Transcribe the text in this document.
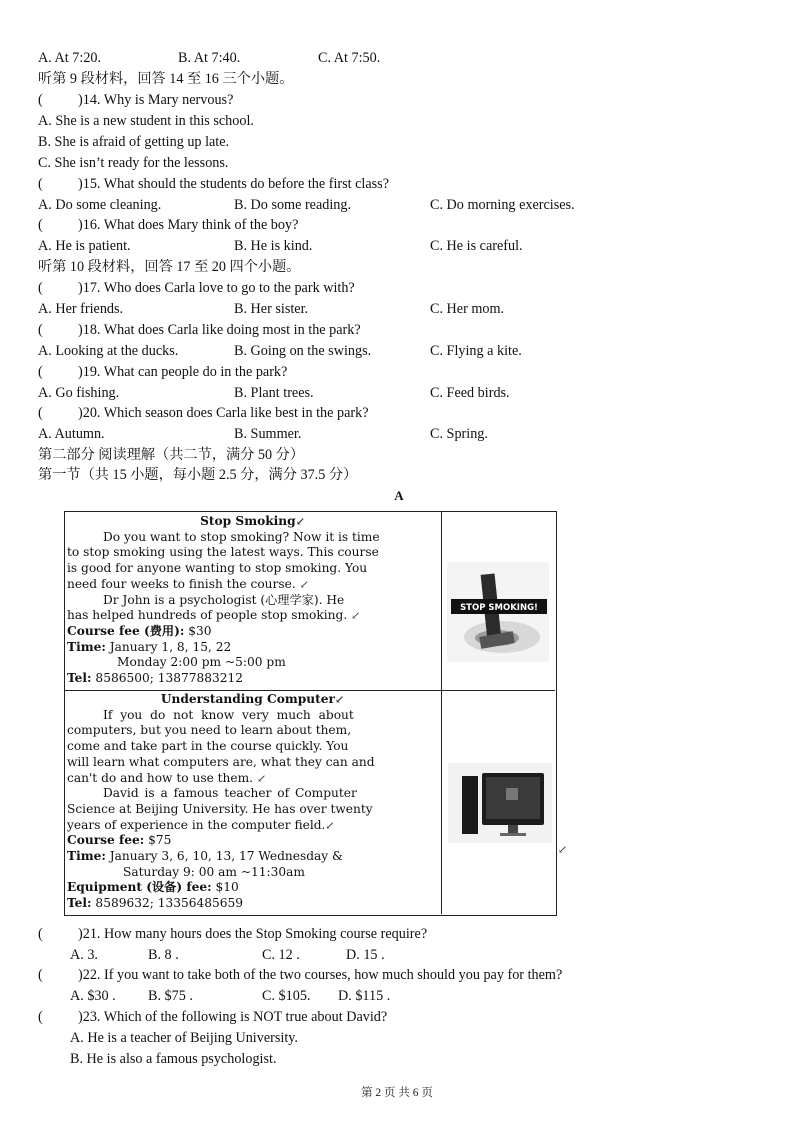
A. At 7:20.	B. At 7:40.	C. At 7:50.
听第 9 段材料，回答 14 至 16 三个小题。
( )14. Why is Mary nervous?
A. She is a new student in this school.
B. She is afraid of getting up late.
C. She isn’t ready for the lessons.
( )15. What should the students do before the first class?
A. Do some cleaning.	B. Do some reading.	C. Do morning exercises.
( )16. What does Mary think of the boy?
A. He is patient.	B. He is kind.	C. He is careful.
听第 10 段材料，回答 17 至 20 四个小题。
( )17. Who does Carla love to go to the park with?
A. Her friends.	B. Her sister.	C. Her mom.
( )18. What does Carla like doing most in the park?
A. Looking at the ducks.	B. Going on the swings.	C. Flying a kite.
( )19. What can people do in the park?
A. Go fishing.	B. Plant trees.	C. Feed birds.
( )20. Which season does Carla like best in the park?
A. Autumn.	B. Summer.	C. Spring.
第二部分 阅读理解（共二节，满分 50 分）
第一节（共 15 小题，每小题 2.5 分，满分 37.5 分）
A
Stop Smoking↙
Do you want to stop smoking? Now it is time
to stop smoking using the latest ways. This course
is good for anyone wanting to stop smoking. You
need four weeks to finish the course. ↙
Dr John is a psychologist (心理学家). He
has helped hundreds of people stop smoking. ↙
Course fee (费用): $30
Time: January 1, 8, 15, 22
Monday 2:00 pm ~5:00 pm
Tel: 8586500; 13877883212
STOP SMOKING!
Understanding Computer↙
If you do not know very much about
computers, but you need to learn about them,
come and take part in the course quickly. You
will learn what computers are, what they can and
can't do and how to use them. ↙
David is a famous teacher of Computer
Science at Beijing University. He has over twenty
years of experience in the computer field.↙
Course fee: $75
Time: January 3, 6, 10, 13, 17 Wednesday &
Saturday 9: 00 am ~11:30am
Equipment (设备) fee: $10
Tel: 8589632; 13356485659
↙
( )21. How many hours does the Stop Smoking course require?
A. 3.	B. 8 .	C. 12 .	D. 15 .
( )22. If you want to take both of the two courses, how much should you pay for them?
A. $30 . B. $75 .	C. $105. D. $115 .
( )23. Which of the following is NOT true about David?
A. He is a teacher of Beijing University.
B. He is also a famous psychologist.
第 2 页 共 6 页
